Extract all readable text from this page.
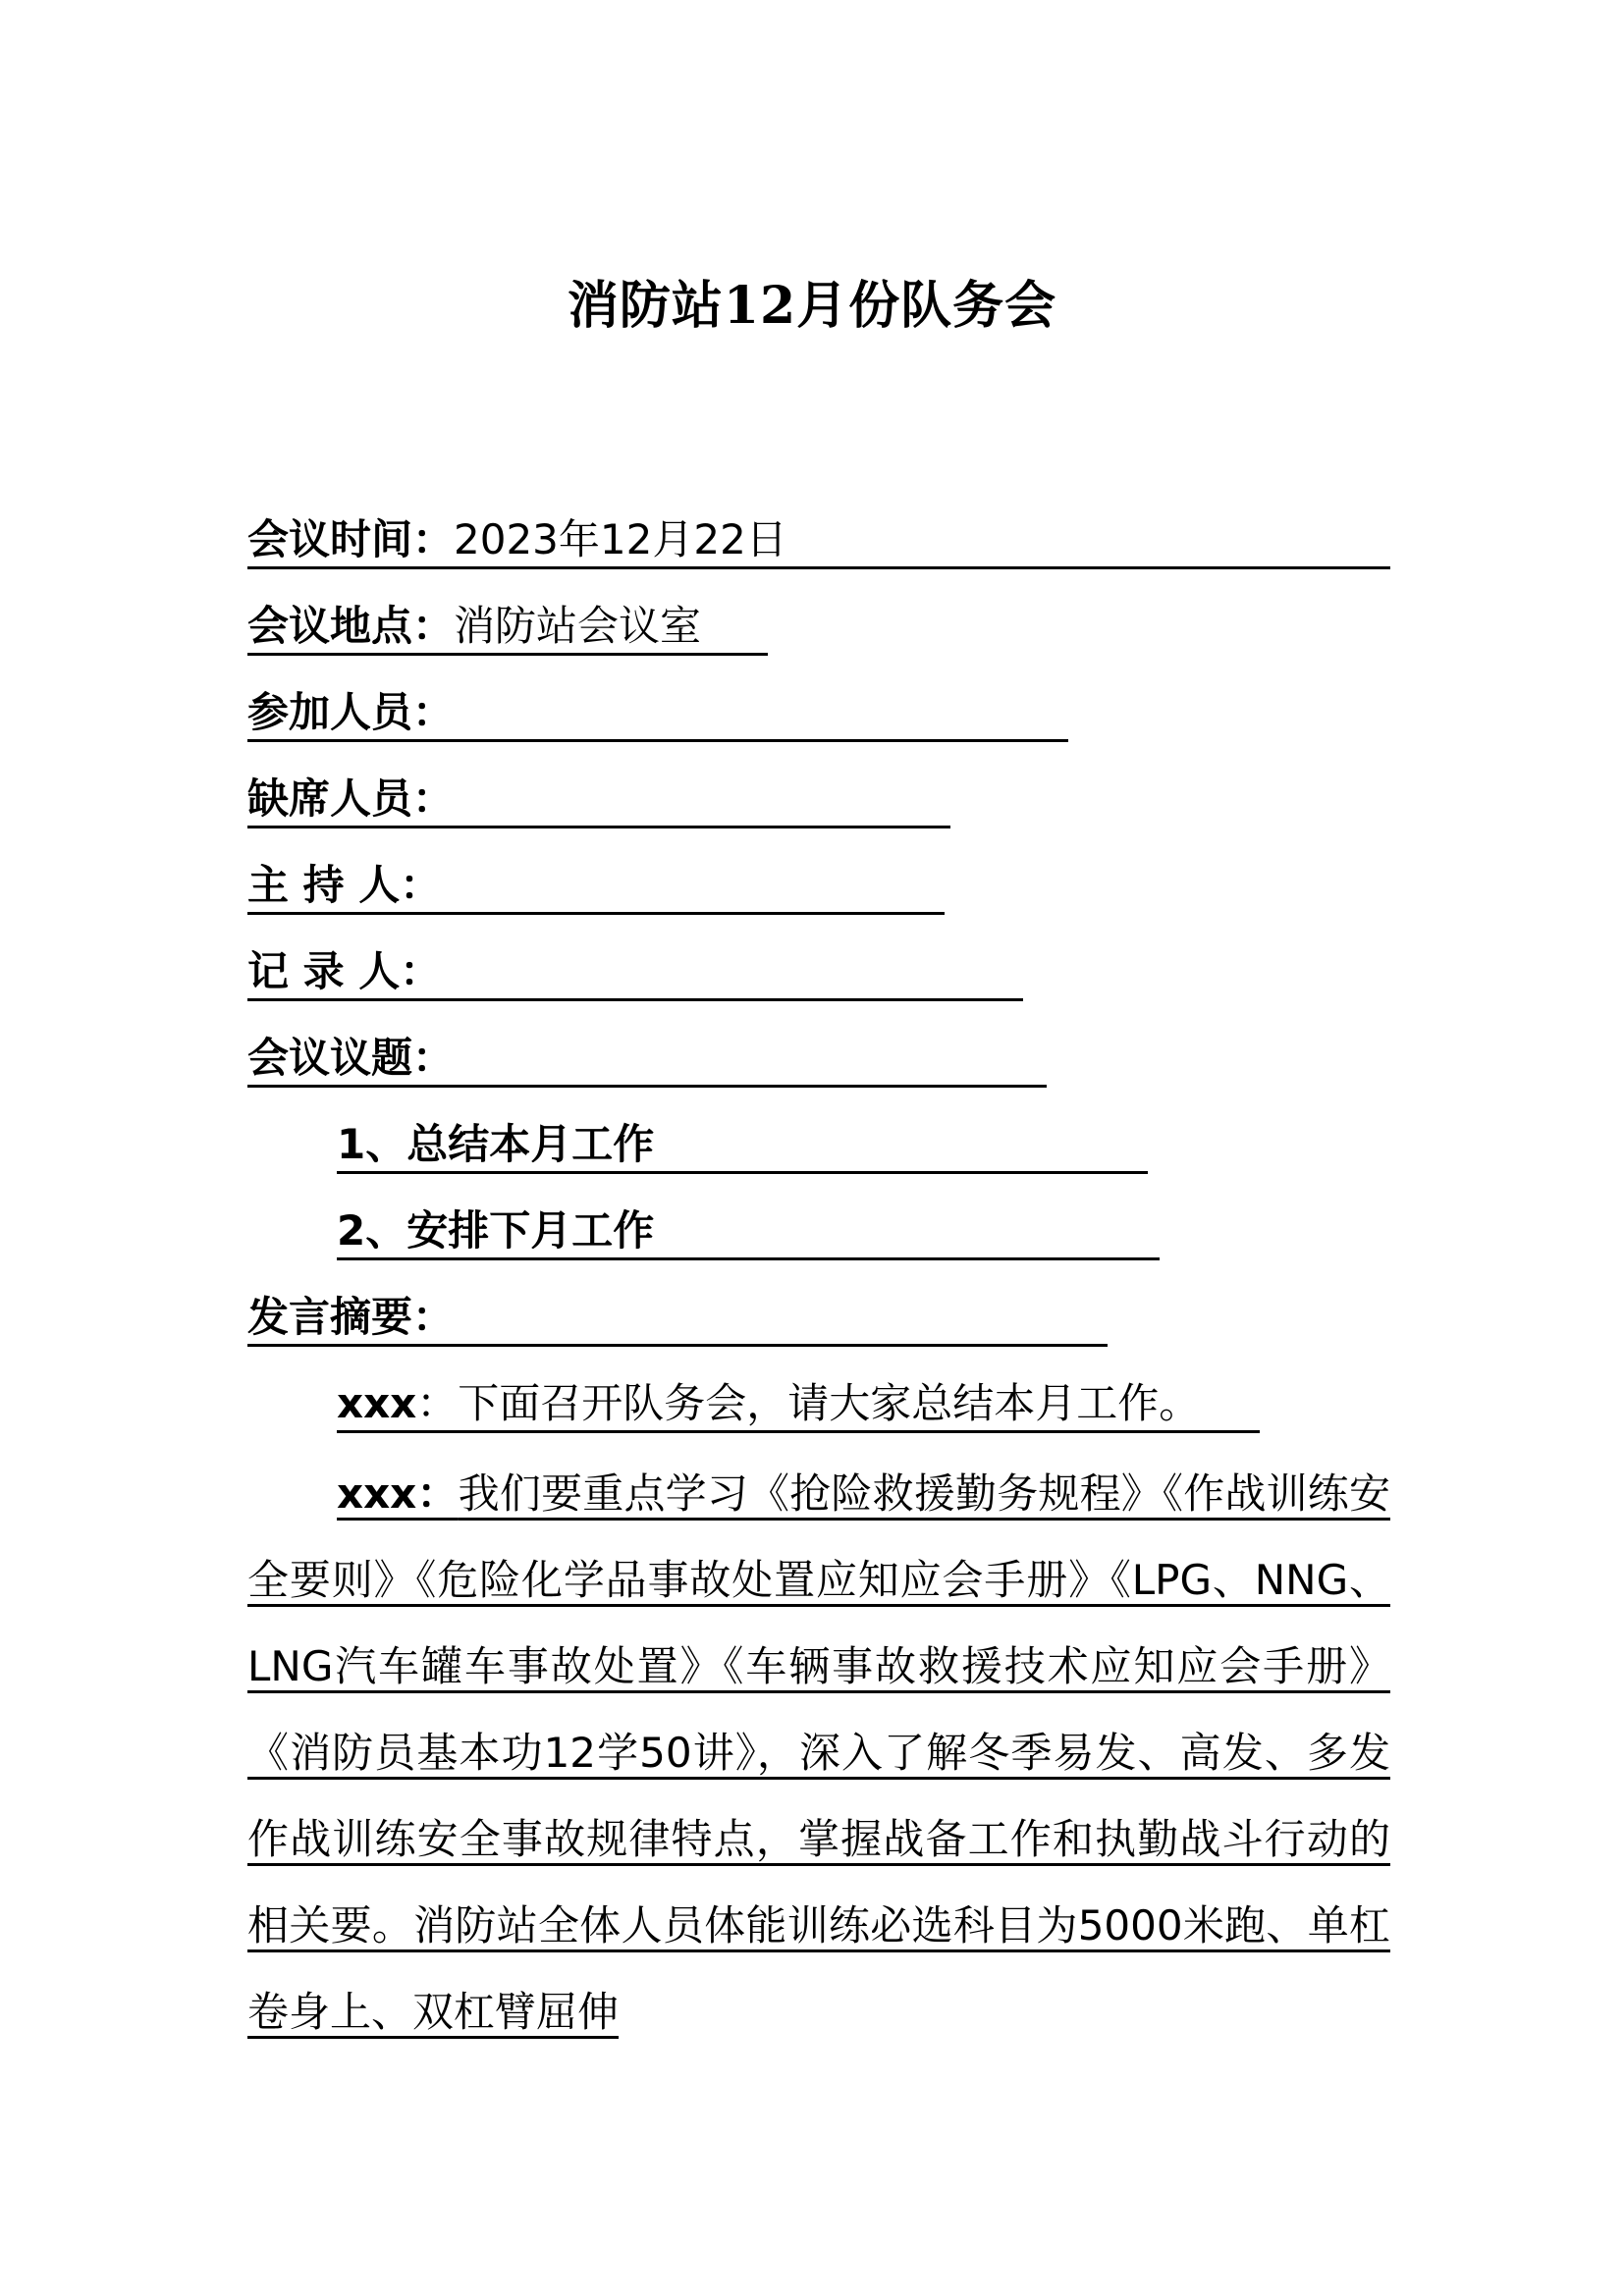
消防站12月份队务会
会议时间：2023年12月22日
会议地点：消防站会议室
参加人员：
缺席人员：
主 持 人：
记 录 人：
会议议题：
1、总结本月工作
2、安排下月工作
发言摘要：
xxx：下面召开队务会，请大家总结本月工作。
xxx：我们要重点学习《抢险救援勤务规程》《作战训练安全要则》《危险化学品事故处置应知应会手册》《LPG、NNG、LNG汽车罐车事故处置》《车辆事故救援技术应知应会手册》《消防员基本功12学50讲》，深入了解冬季易发、高发、多发作战训练安全事故规律特点，掌握战备工作和执勤战斗行动的相关要。消防站全体人员体能训练必选科目为5000米跑、单杠卷身上、双杠臂屈伸
